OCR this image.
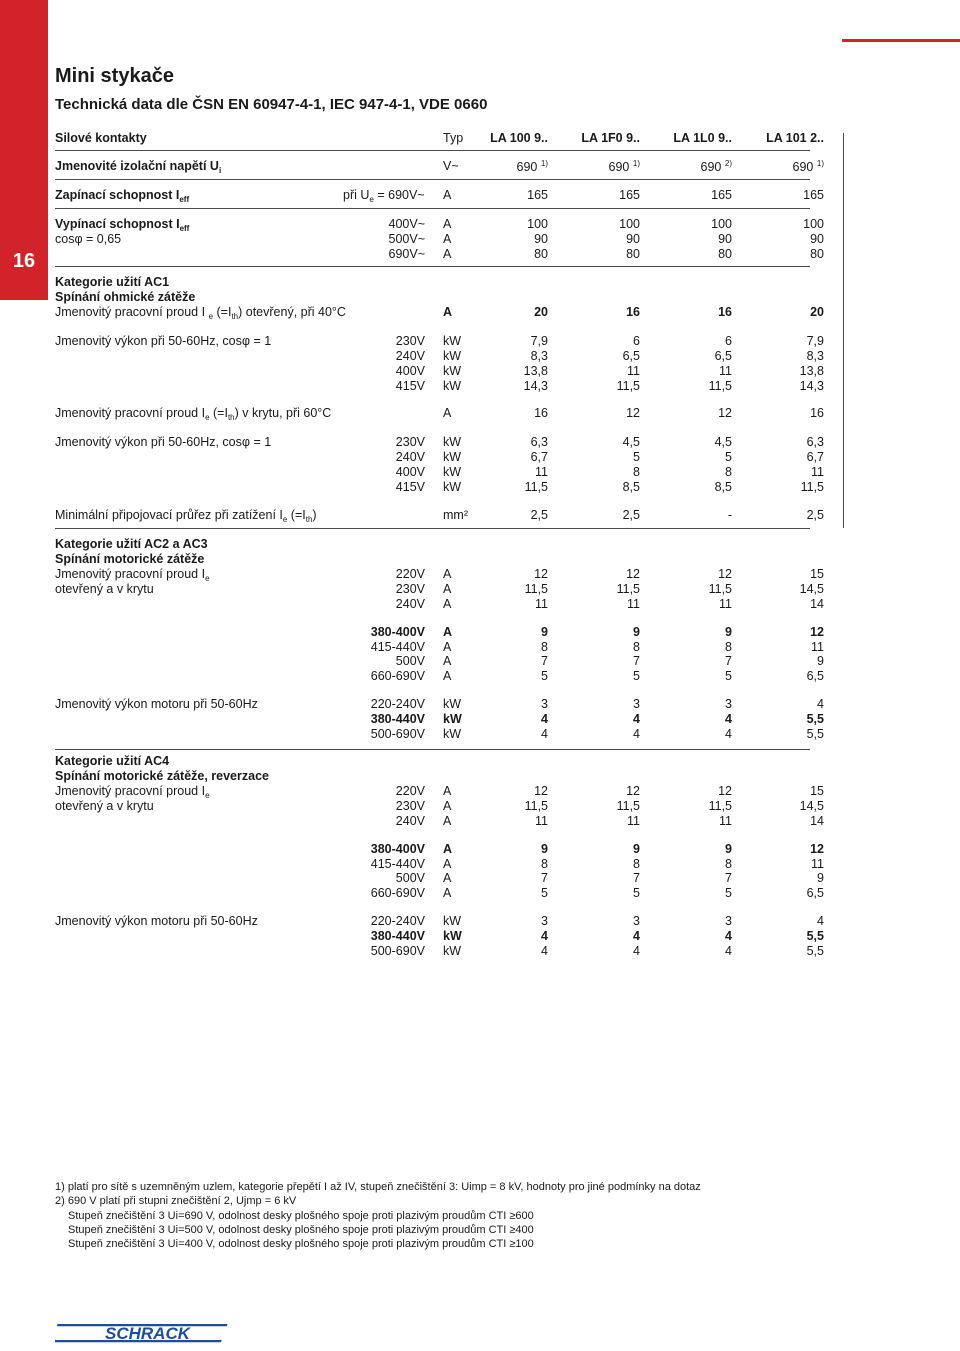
16
Mini stykače
Technická data dle ČSN EN 60947-4-1, IEC 947-4-1, VDE 0660
Silové kontakty	Typ LA 100 9..	LA 1F0 9..	LA 1L0 9..	LA 101 2..
Jmenovité izolační napětí $U_i$	V~	690 $^{1)}$	690 $^{1)}$	690 $^{2)}$	690 $^{1)}$
Zapínací schopnost $I_{eff}$	při $U_e$ = 690V~ A	165	165	165	165
Vypínací schopnost $I_{eff}$	400V~ A	100	100	100	100
cosφ = 0,65	500V~ A	90	90	90	90
690V~ A	80	80	80	80
Kategorie užití AC1
Spínání ohmické zátěže
Jmenovitý pracovní proud I $_e$ $(=I_{th})$ otevřený, při 40°C	A	20	16	16	20
Jmenovitý výkon při 50-60Hz, cosφ = 1	230V kW	7,9	6	6	7,9
240V kW	8,3	6,5	6,5	8,3
400V kW	13,8	11	11	13,8
415V kW	14,3	11,5	11,5	14,3
Jmenovitý pracovní proud $I_e$ $(=I_{th})$ v krytu, při 60°C	A	16	12	12	16
Jmenovitý výkon při 50-60Hz, cosφ = 1	230V kW	6,3	4,5	4,5	6,3
240V kW	6,7	5	5	6,7
400V kW	11	8	8	11
415V kW	11,5	8,5	8,5	11,5
Minimální připojovací průřez při zatížení $I_e$ $(=I_{th})$	mm²	2,5	2,5	-	2,5
Kategorie užití AC2 a AC3
Spínání motorické zátěže
Jmenovitý pracovní proud $I_e$	220V A	12	12	12	15
otevřený a v krytu	230V A	11,5	11,5	11,5	14,5
240V A	11	11	11	14
380-400V A	9	9	9	12
415-440V A	8	8	8	11
500V A	7	7	7	9
660-690V A	5	5	5	6,5
Jmenovitý výkon motoru při 50-60Hz	220-240V kW	3	3	3	4
380-440V kW	4	4	4	5,5
500-690V kW	4	4	4	5,5
Kategorie užití AC4
Spínání motorické zátěže, reverzace
Jmenovitý pracovní proud $I_e$	220V A	12	12	12	15
otevřený a v krytu	230V A	11,5	11,5	11,5	14,5
240V A	11	11	11	14
380-400V A	9	9	9	12
415-440V A	8	8	8	11
500V A	7	7	7	9
660-690V A	5	5	5	6,5
Jmenovitý výkon motoru při 50-60Hz	220-240V kW	3	3	3	4
380-440V kW	4	4	4	5,5
500-690V kW	4	4	4	5,5
1) platí pro sítě s uzemněným uzlem, kategorie přepětí I až IV, stupeň znečištění 3: Uimp = 8 kV, hodnoty pro jiné podmínky na dotaz
2) 690 V platí při stupni znečištění 2, Ujmp = 6 kV
Stupeň znečištění 3 Ui=690 V, odolnost desky plošného spoje proti plazivým proudům CTI ≥600
Stupeň znečištění 3 Ui=500 V, odolnost desky plošného spoje proti plazivým proudům CTI ≥400
Stupeň znečištění 3 Ui=400 V, odolnost desky plošného spoje proti plazivým proudům CTI ≥100
SCHRACK
